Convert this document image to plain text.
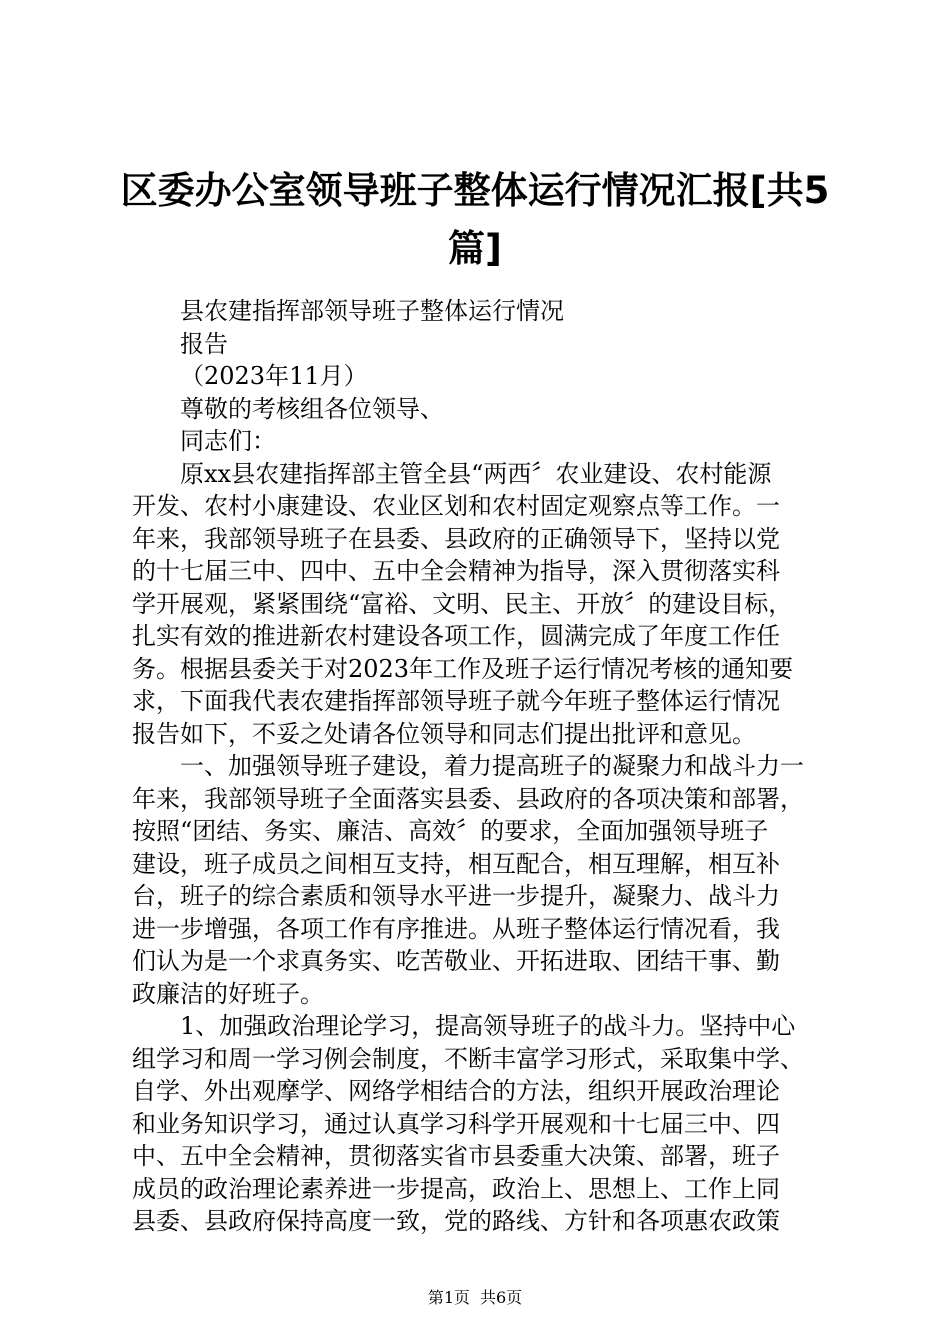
区委办公室领导班子整体运行情况汇报[共5
篇]
县农建指挥部领导班子整体运行情况
报告
（2023年11月）
尊敬的考核组各位领导、
同志们：
原xx县农建指挥部主管全县“两西〞农业建设、农村能源
开发、农村小康建设、农业区划和农村固定观察点等工作。一
年来，我部领导班子在县委、县政府的正确领导下，坚持以党
的十七届三中、四中、五中全会精神为指导，深入贯彻落实科
学开展观，紧紧围绕“富裕、文明、民主、开放〞的建设目标，
扎实有效的推进新农村建设各项工作，圆满完成了年度工作任
务。根据县委关于对2023年工作及班子运行情况考核的通知要
求，下面我代表农建指挥部领导班子就今年班子整体运行情况
报告如下，不妥之处请各位领导和同志们提出批评和意见。
一、加强领导班子建设，着力提高班子的凝聚力和战斗力一
年来，我部领导班子全面落实县委、县政府的各项决策和部署，
按照“团结、务实、廉洁、高效〞的要求，全面加强领导班子
建设，班子成员之间相互支持，相互配合，相互理解，相互补
台，班子的综合素质和领导水平进一步提升，凝聚力、战斗力
进一步增强，各项工作有序推进。从班子整体运行情况看，我
们认为是一个求真务实、吃苦敬业、开拓进取、团结干事、勤
政廉洁的好班子。
1、加强政治理论学习，提高领导班子的战斗力。坚持中心
组学习和周一学习例会制度，不断丰富学习形式，采取集中学、
自学、外出观摩学、网络学相结合的方法，组织开展政治理论
和业务知识学习，通过认真学习科学开展观和十七届三中、四
中、五中全会精神，贯彻落实省市县委重大决策、部署，班子
成员的政治理论素养进一步提高，政治上、思想上、工作上同
县委、县政府保持高度一致，党的路线、方针和各项惠农政策
第1页 共6页
